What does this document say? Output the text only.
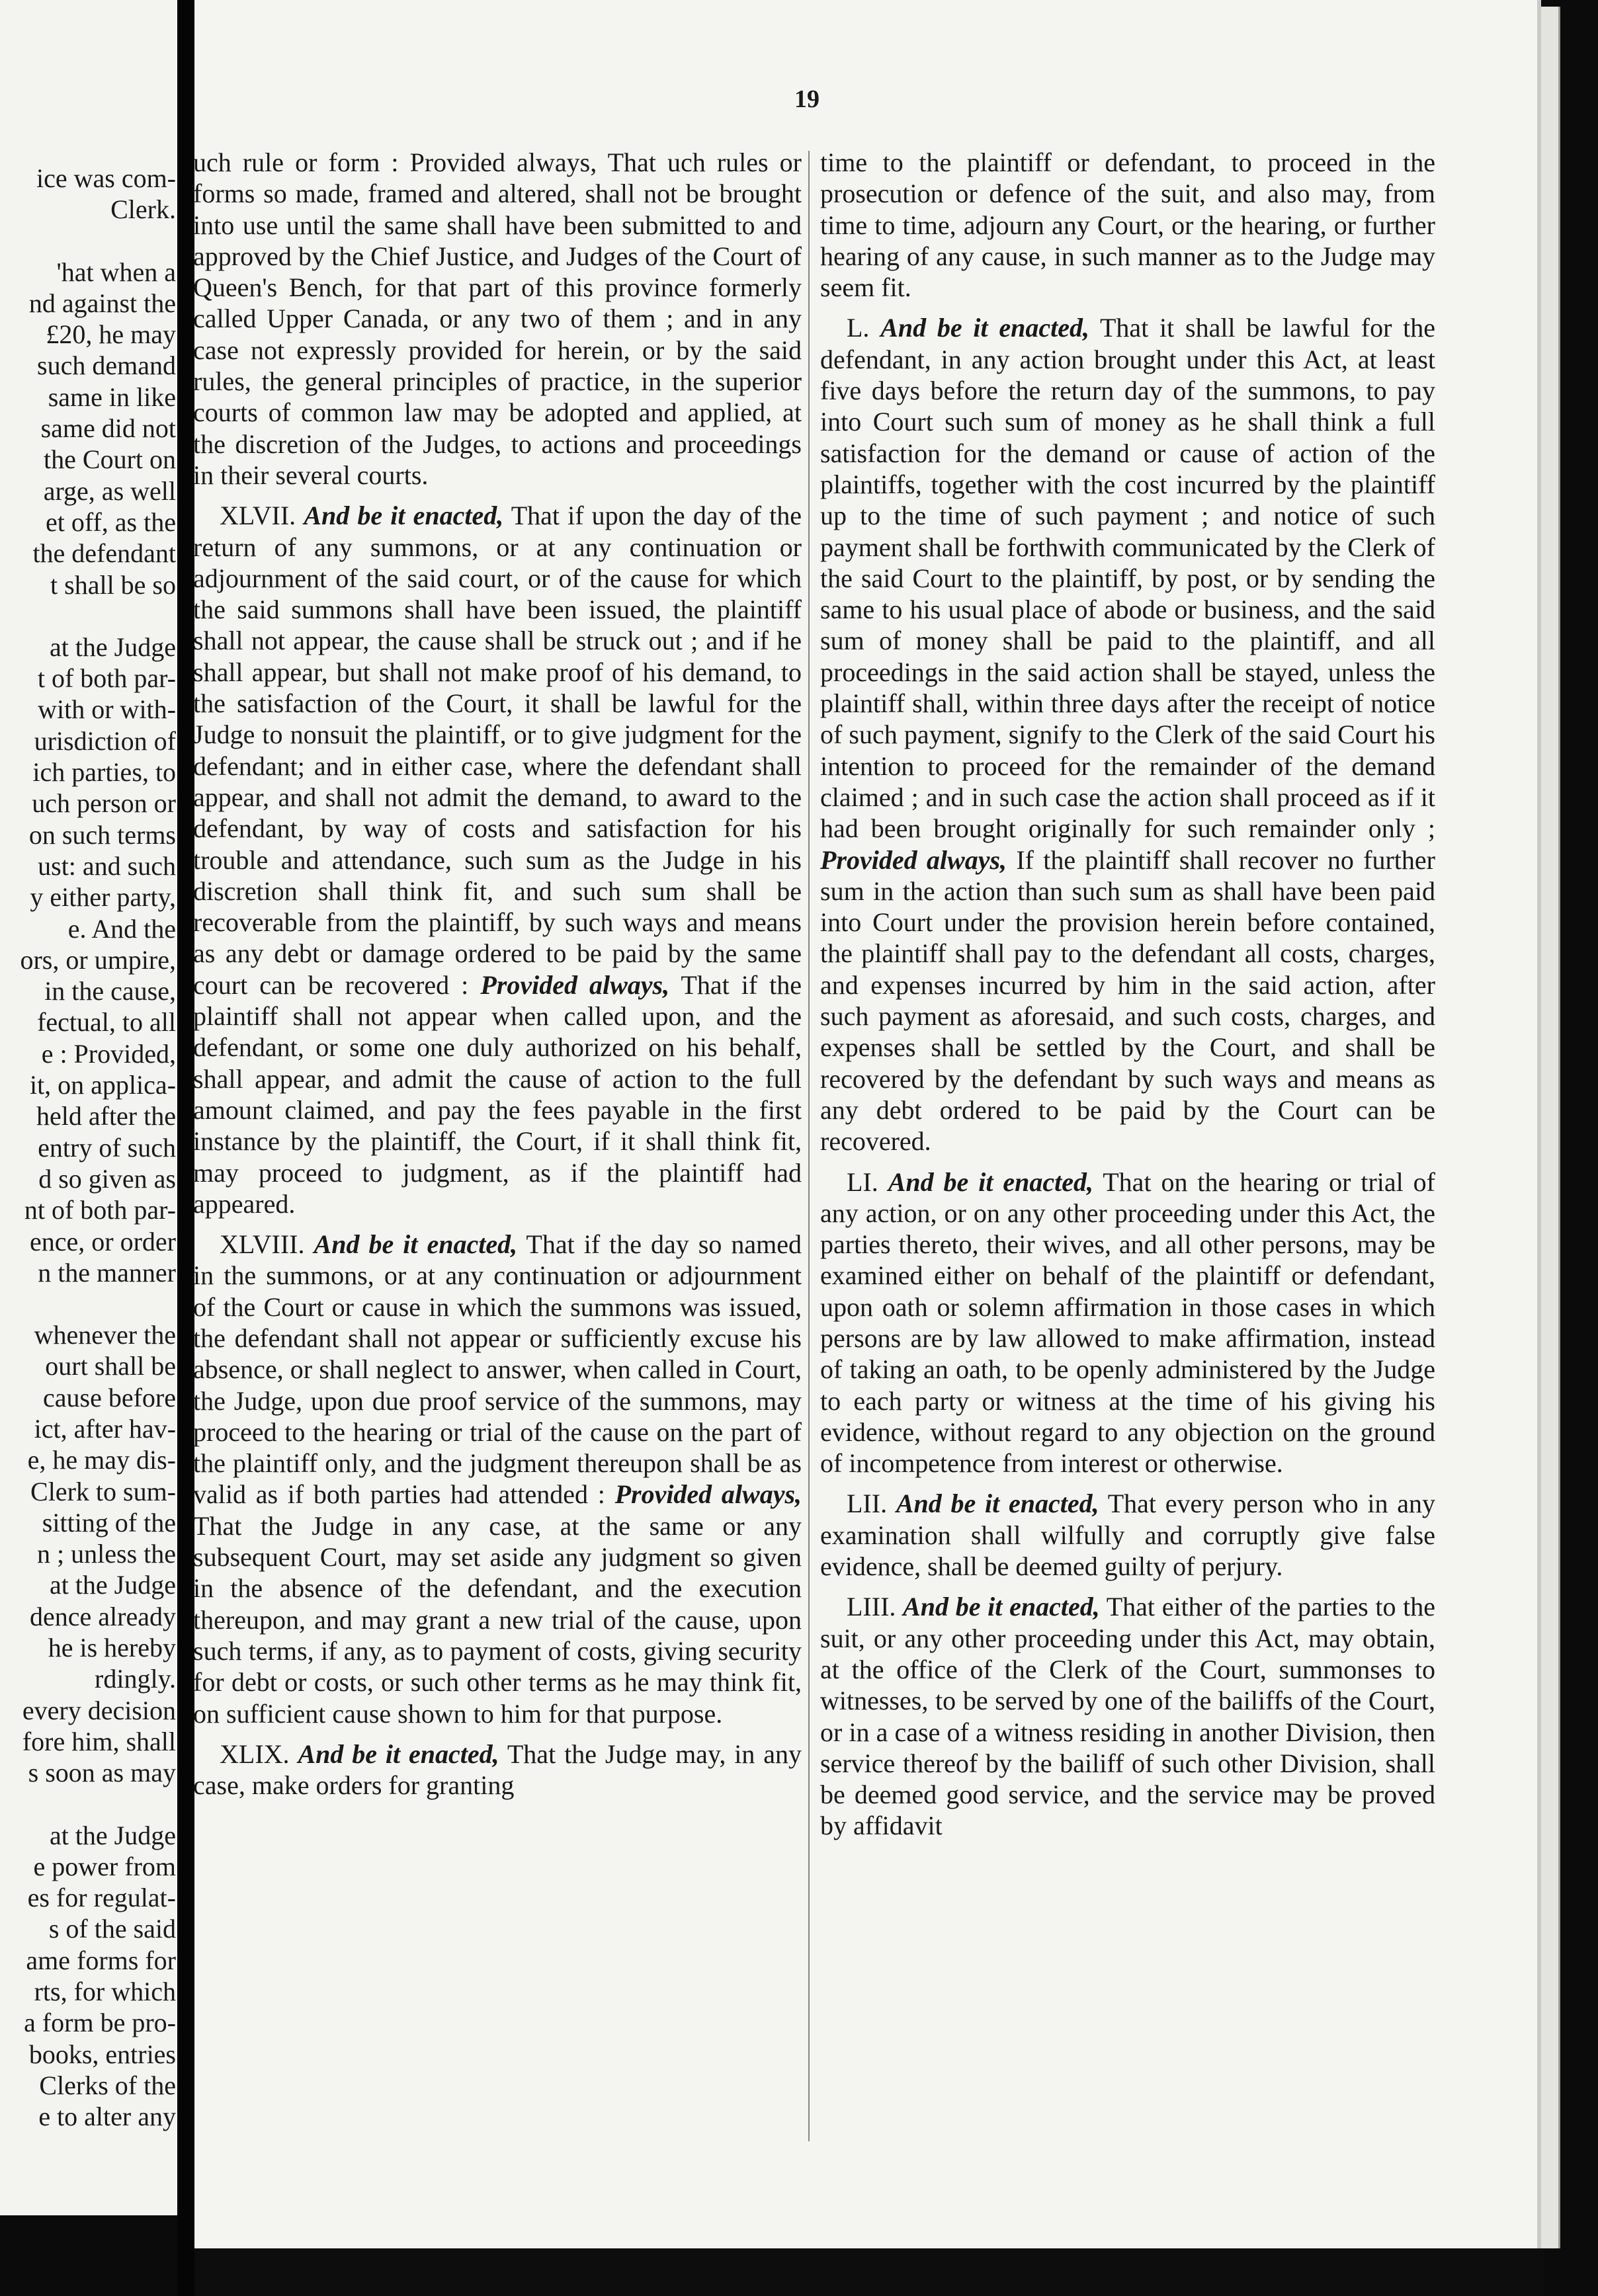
ice was com-
Clerk.
'hat when a
nd against the
£20, he may
such demand
same in like
same did not
the Court on
arge, as well
et off, as the
the defendant
t shall be so
at the Judge
t of both par-
with or with-
urisdiction of
ich parties, to
uch person or
on such terms
ust: and such
y either party,
e. And the
ors, or umpire,
in the cause,
fectual, to all
e : Provided,
it, on applica-
held after the
entry of such
d so given as
nt of both par-
ence, or order
n the manner
whenever the
ourt shall be
cause before
ict, after hav-
e, he may dis-
Clerk to sum-
sitting of the
n ; unless the
at the Judge
dence already
he is hereby
rdingly.
every decision
fore him, shall
s soon as may
at the Judge
e power from
es for regulat-
s of the said
ame forms for
rts, for which
a form be pro-
books, entries
Clerks of the
e to alter any
19

uch rule or form : Provided always, That uch rules or forms so made, framed and altered, shall not be brought into use until the same shall have been submitted to and approved by the Chief Justice, and Judges of the Court of Queen's Bench, for that part of this province formerly called Upper Canada, or any two of them ; and in any case not expressly provided for herein, or by the said rules, the general principles of practice, in the superior courts of common law may be adopted and applied, at the discretion of the Judges, to actions and proceedings in their several courts.

XLVII. And be it enacted, That if upon the day of the return of any summons, or at any continuation or adjournment of the said court, or of the cause for which the said summons shall have been issued, the plaintiff shall not appear, the cause shall be struck out ; and if he shall appear, but shall not make proof of his demand, to the satisfaction of the Court, it shall be lawful for the Judge to nonsuit the plaintiff, or to give judgment for the defendant; and in either case, where the defendant shall appear, and shall not admit the demand, to award to the defendant, by way of costs and satisfaction for his trouble and attendance, such sum as the Judge in his discretion shall think fit, and such sum shall be recoverable from the plaintiff, by such ways and means as any debt or damage ordered to be paid by the same court can be recovered : Provided always, That if the plaintiff shall not appear when called upon, and the defendant, or some one duly authorized on his behalf, shall appear, and admit the cause of action to the full amount claimed, and pay the fees payable in the first instance by the plaintiff, the Court, if it shall think fit, may proceed to judgment, as if the plaintiff had appeared.

XLVIII. And be it enacted, That if the day so named in the summons, or at any continuation or adjournment of the Court or cause in which the summons was issued, the defendant shall not appear or sufficiently excuse his absence, or shall neglect to answer, when called in Court, the Judge, upon due proof service of the summons, may proceed to the hearing or trial of the cause on the part of the plaintiff only, and the judgment thereupon shall be as valid as if both parties had attended : Provided always, That the Judge in any case, at the same or any subsequent Court, may set aside any judgment so given in the absence of the defendant, and the execution thereupon, and may grant a new trial of the cause, upon such terms, if any, as to payment of costs, giving security for debt or costs, or such other terms as he may think fit, on sufficient cause shown to him for that purpose.

XLIX. And be it enacted, That the Judge may, in any case, make orders for granting

time to the plaintiff or defendant, to proceed in the prosecution or defence of the suit, and also may, from time to time, adjourn any Court, or the hearing, or further hearing of any cause, in such manner as to the Judge may seem fit.

L. And be it enacted, That it shall be lawful for the defendant, in any action brought under this Act, at least five days before the return day of the summons, to pay into Court such sum of money as he shall think a full satisfaction for the demand or cause of action of the plaintiffs, together with the cost incurred by the plaintiff up to the time of such payment ; and notice of such payment shall be forthwith communicated by the Clerk of the said Court to the plaintiff, by post, or by sending the same to his usual place of abode or business, and the said sum of money shall be paid to the plaintiff, and all proceedings in the said action shall be stayed, unless the plaintiff shall, within three days after the receipt of notice of such payment, signify to the Clerk of the said Court his intention to proceed for the remainder of the demand claimed ; and in such case the action shall proceed as if it had been brought originally for such remainder only ; Provided always, If the plaintiff shall recover no further sum in the action than such sum as shall have been paid into Court under the provision herein before contained, the plaintiff shall pay to the defendant all costs, charges, and expenses incurred by him in the said action, after such payment as aforesaid, and such costs, charges, and expenses shall be settled by the Court, and shall be recovered by the defendant by such ways and means as any debt ordered to be paid by the Court can be recovered.

LI. And be it enacted, That on the hearing or trial of any action, or on any other proceeding under this Act, the parties thereto, their wives, and all other persons, may be examined either on behalf of the plaintiff or defendant, upon oath or solemn affirmation in those cases in which persons are by law allowed to make affirmation, instead of taking an oath, to be openly administered by the Judge to each party or witness at the time of his giving his evidence, without regard to any objection on the ground of incompetence from interest or otherwise.

LII. And be it enacted, That every person who in any examination shall wilfully and corruptly give false evidence, shall be deemed guilty of perjury.

LIII. And be it enacted, That either of the parties to the suit, or any other proceeding under this Act, may obtain, at the office of the Clerk of the Court, summonses to witnesses, to be served by one of the bailiffs of the Court, or in a case of a witness residing in another Division, then service thereof by the bailiff of such other Division, shall be deemed good service, and the service may be proved by affidavit
